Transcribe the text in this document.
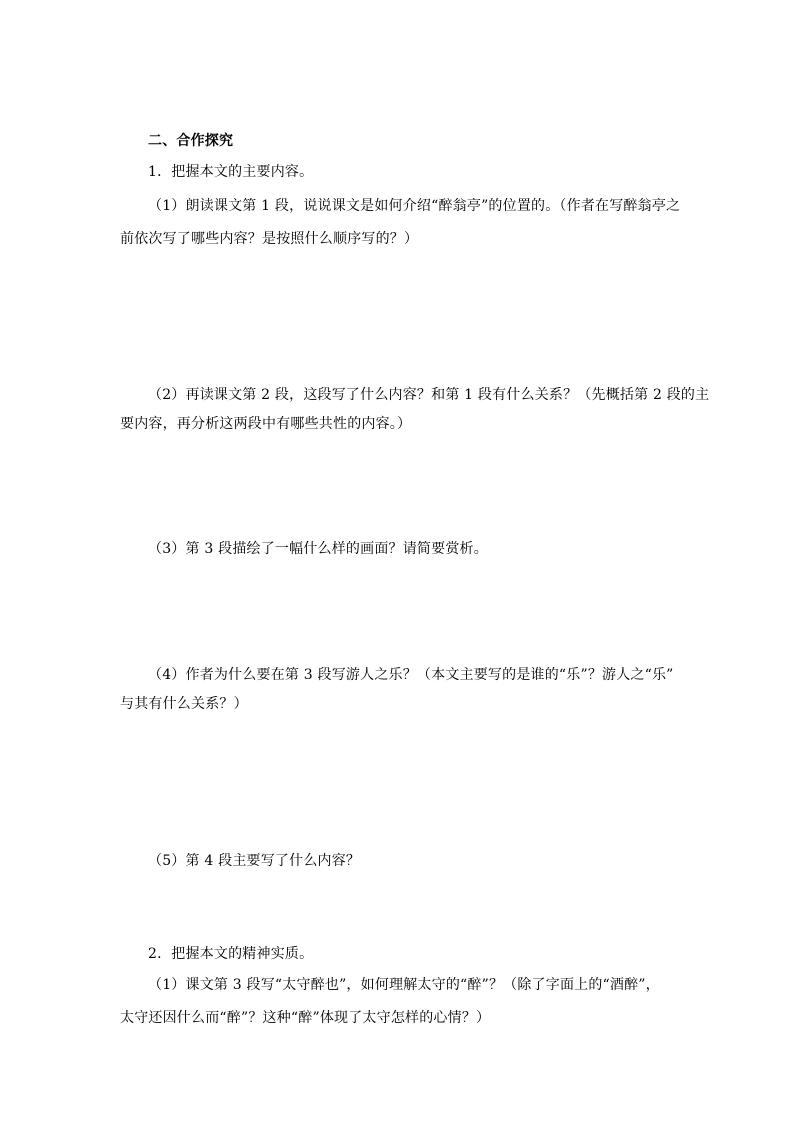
二、合作探究
1．把握本文的主要内容。
（1）朗读课文第 1 段，说说课文是如何介绍“醉翁亭”的位置的。（作者在写醉翁亭之
前依次写了哪些内容？是按照什么顺序写的？）
（2）再读课文第 2 段，这段写了什么内容？和第 1 段有什么关系？（先概括第 2 段的主
要内容，再分析这两段中有哪些共性的内容。）
（3）第 3 段描绘了一幅什么样的画面？请简要赏析。
（4）作者为什么要在第 3 段写游人之乐？（本文主要写的是谁的“乐”？游人之“乐”
与其有什么关系？）
（5）第 4 段主要写了什么内容？
2．把握本文的精神实质。
（1）课文第 3 段写“太守醉也”，如何理解太守的“醉”？（除了字面上的“酒醉”，
太守还因什么而“醉”？这种“醉”体现了太守怎样的心情？）
